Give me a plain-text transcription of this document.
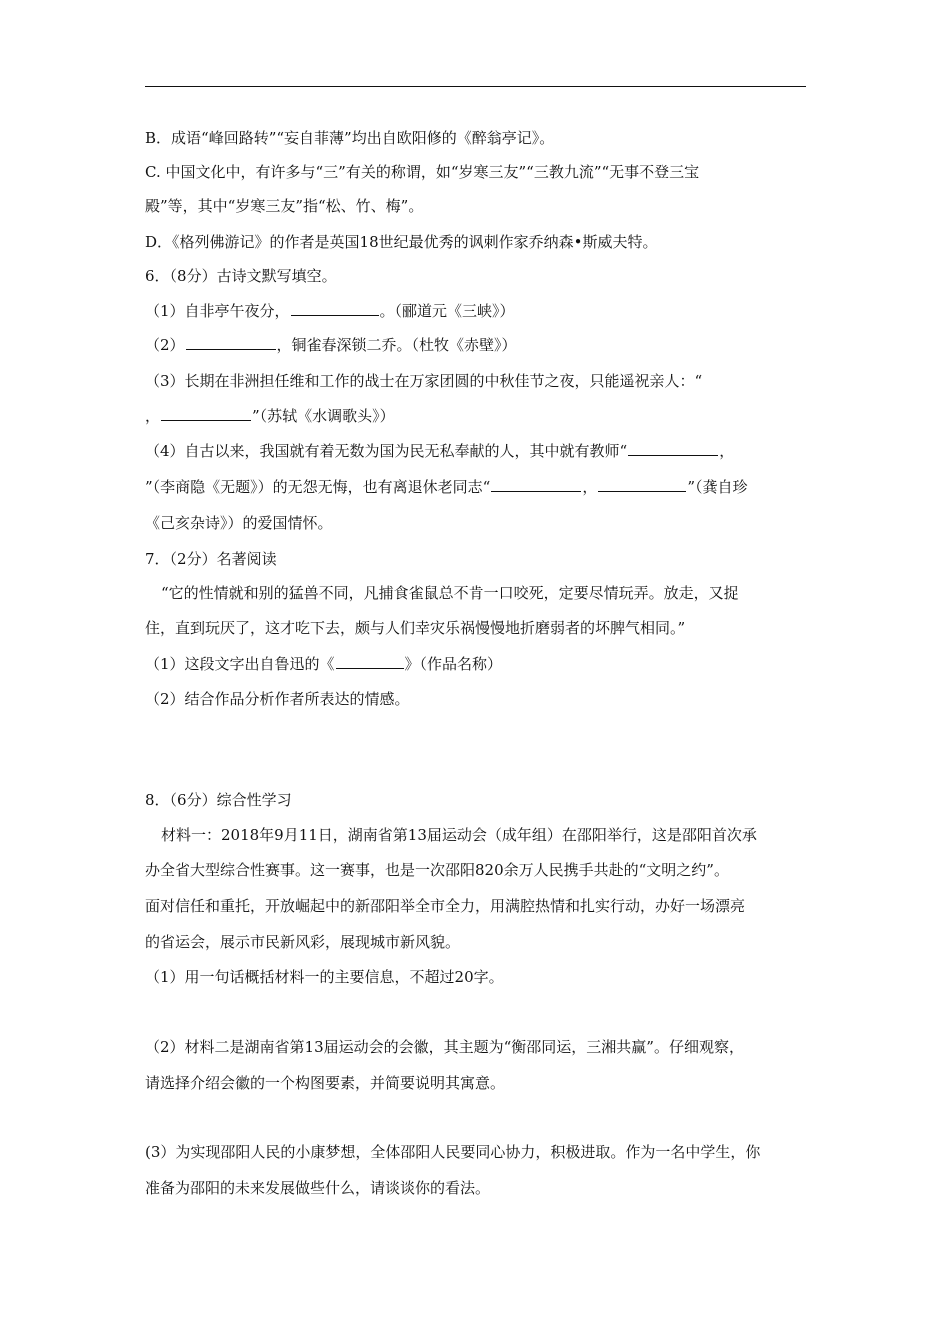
B．成语“峰回路转”“妄自菲薄”均出自欧阳修的《醉翁亭记》。
C. 中国文化中，有许多与“三”有关的称谓，如“岁寒三友”“三教九流”“无事不登三宝
殿”等，其中“岁寒三友”指“松、竹、梅”。
D．《格列佛游记》的作者是英国18世纪最优秀的讽刺作家乔纳森•斯威夫特。
6．（8分）古诗文默写填空。
（1）自非亭午夜分，	。（郦道元《三峡》）
（2）	，铜雀春深锁二乔。（杜牧《赤壁》）
（3）长期在非洲担任维和工作的战士在万家团圆的中秋佳节之夜，只能遥祝亲人：“
，	”（苏轼《水调歌头》）
（4）自古以来，我国就有着无数为国为民无私奉献的人，其中就有教师“	，
”（李商隐《无题》）的无怨无悔，也有离退休老同志“	，	”（龚自珍
《己亥杂诗》）的爱国情怀。
7．（2分）名著阅读
“它的性情就和别的猛兽不同，凡捕食雀鼠总不肯一口咬死，定要尽情玩弄。放走，又捉
住，直到玩厌了，这才吃下去，颇与人们幸灾乐祸慢慢地折磨弱者的坏脾气相同。”
（1）这段文字出自鲁迅的《	》（作品名称）
（2）结合作品分析作者所表达的情感。
8．（6分）综合性学习
材料一：2018年9月11日，湖南省第13届运动会（成年组）在邵阳举行，这是邵阳首次承
办全省大型综合性赛事。这一赛事，也是一次邵阳820余万人民携手共赴的“文明之约”。
面对信任和重托，开放崛起中的新邵阳举全市全力，用满腔热情和扎实行动，办好一场漂亮
的省运会，展示市民新风彩，展现城市新风貌。
（1）用一句话概括材料一的主要信息，不超过20字。
（2）材料二是湖南省第13届运动会的会徽，其主题为“衡邵同运，三湘共赢”。仔细观察，
请选择介绍会徽的一个构图要素，并简要说明其寓意。
(3）为实现邵阳人民的小康梦想，全体邵阳人民要同心协力，积极进取。作为一名中学生，你
准备为邵阳的未来发展做些什么，请谈谈你的看法。
